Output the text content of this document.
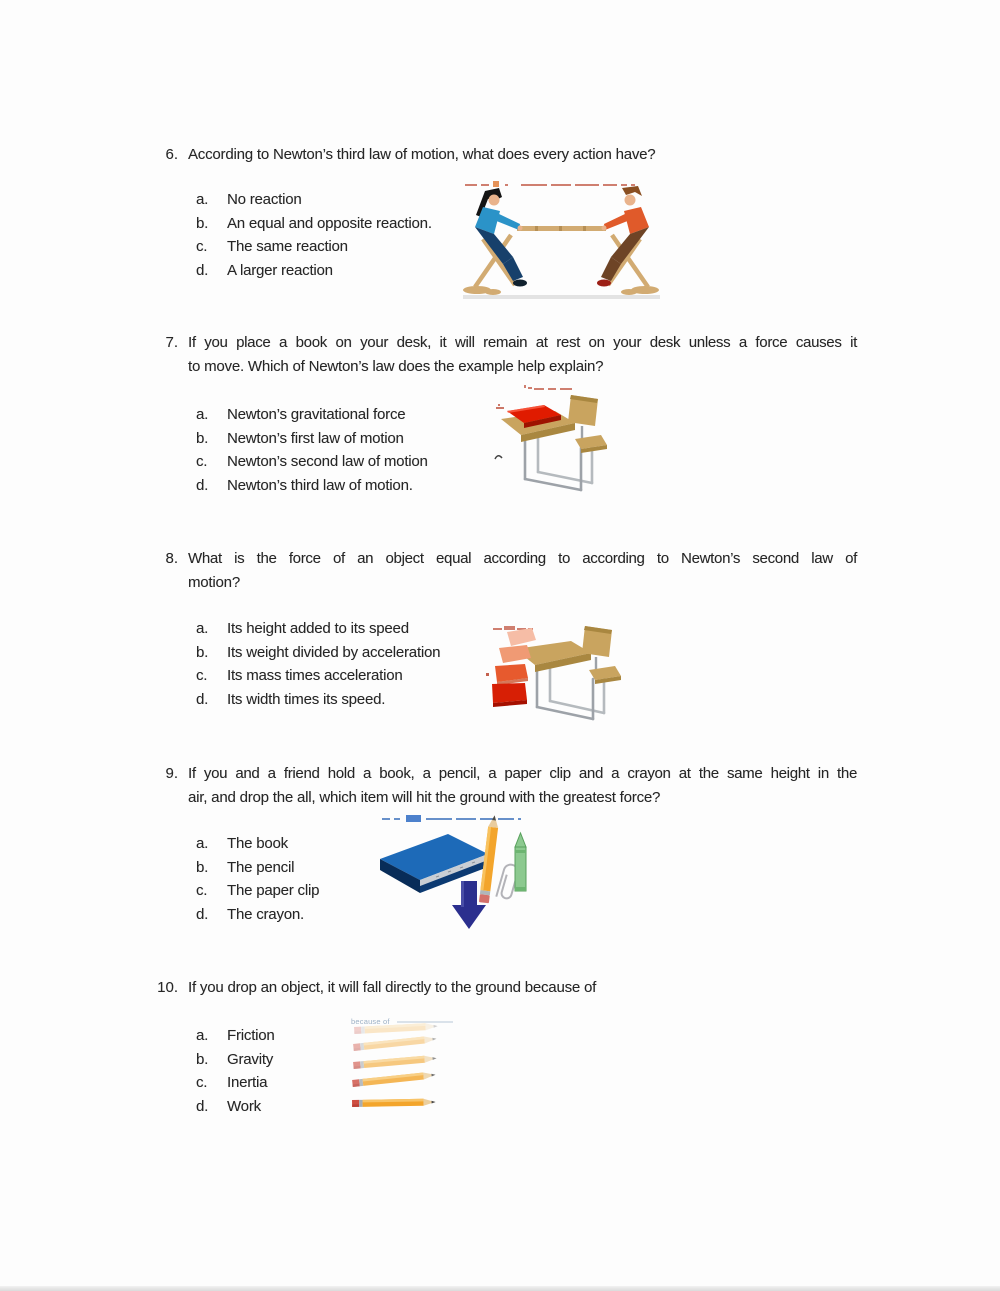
6. According to Newton’s third law of motion, what does every action have?
a.	No reaction
b.	An equal and opposite reaction.
c.	The same reaction
d.	A larger reaction
7. If you place a book on your desk, it will remain at rest on your desk unless a force causes it
to move. Which of Newton’s law does the example help explain?
a.	Newton’s gravitational force
b.	Newton’s first law of motion
c.	Newton’s second law of motion
d.	Newton’s third law of motion.
8. What is the force of an object equal according to according to Newton’s second law of
motion?
a.	Its height added to its speed
b.	Its weight divided by acceleration
c.	Its mass times acceleration
d.	Its width times its speed.
9. If you and a friend hold a book, a pencil, a paper clip and a crayon at the same height in the
air, and drop the all, which item will hit the ground with the greatest force?
a.	The book
b.	The pencil
c.	The paper clip
d.	The crayon.
10. If you drop an object, it will fall directly to the ground because of
a.	Friction
b.	Gravity
c.	Inertia
d.	Work
because of
